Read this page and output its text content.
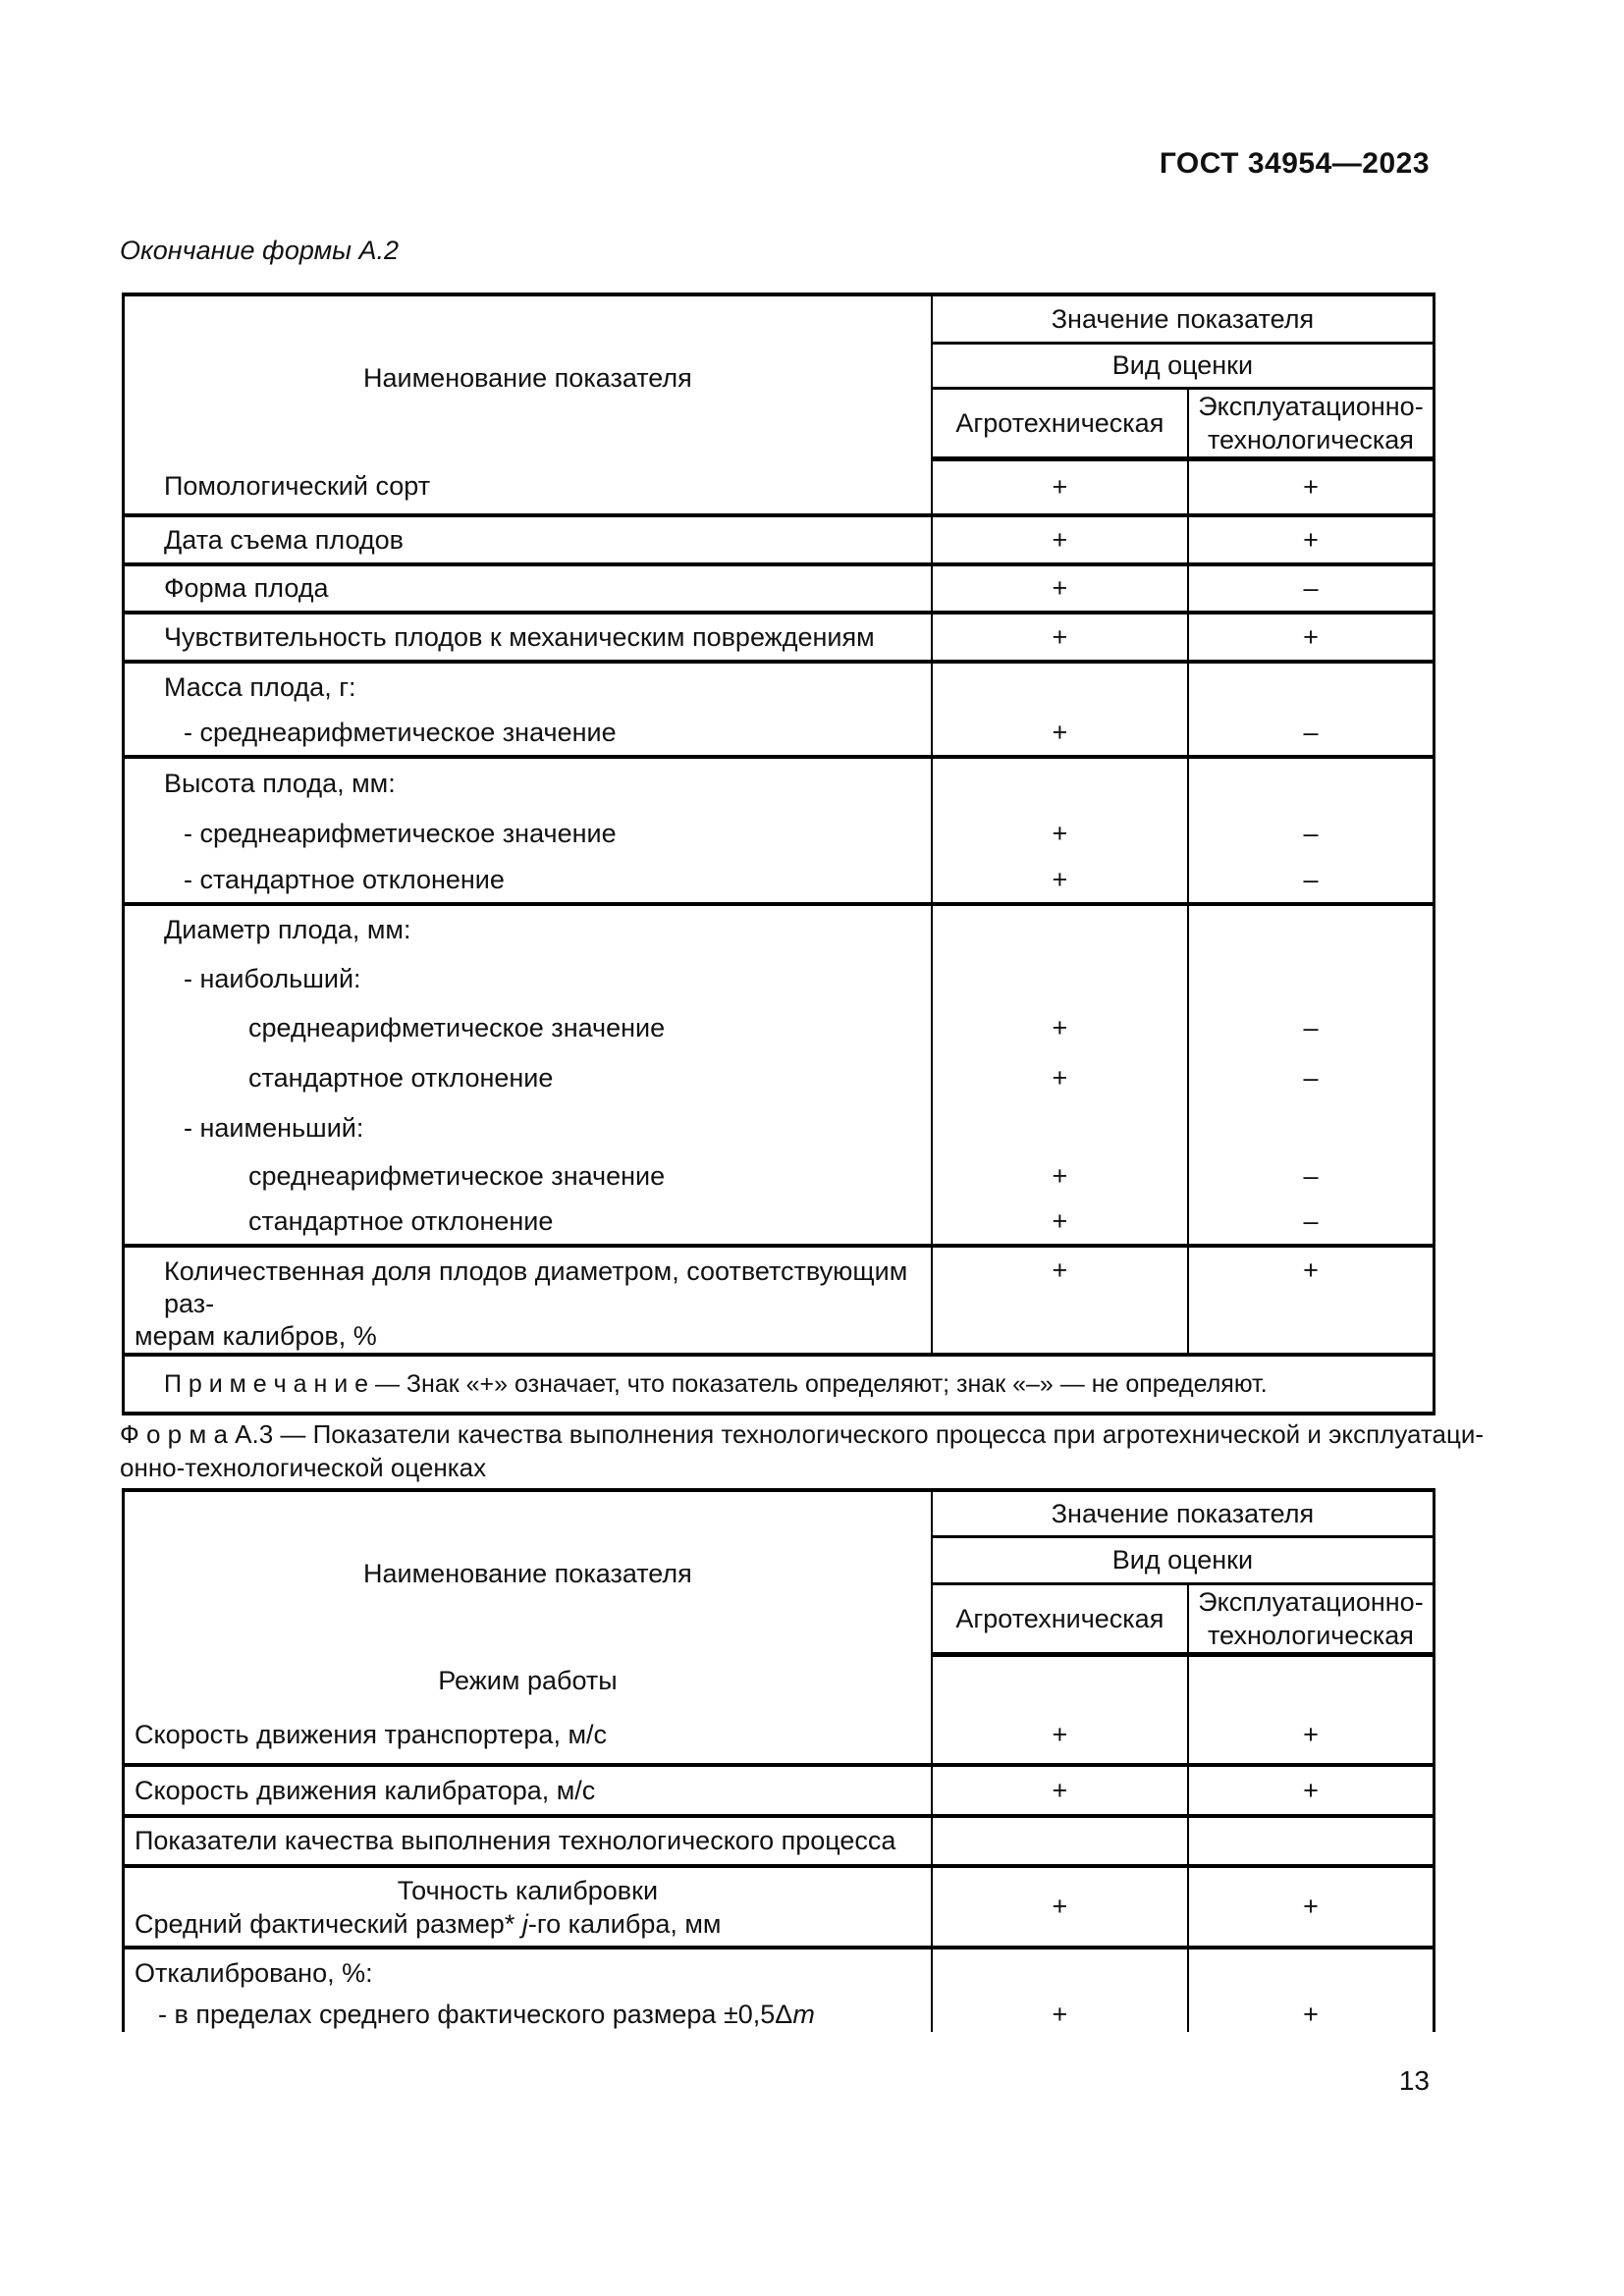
ГОСТ 34954—2023
Окончание формы А.2
Наименование показателя	Значение показателя	
	Вид оценки	
	Агротехническая	Эксплуатационно-технологическая
Помологический сорт	+	+
Дата съема плодов	+	+
Форма плода	+	–
Чувствительность плодов к механическим повреждениям	+	+
Масса плода, г:		
- среднеарифметическое значение	+	–
Высота плода, мм:		
- среднеарифметическое значение	+	–
- стандартное отклонение	+	–
Диаметр плода, мм:		
- наибольший:		
среднеарифметическое значение	+	–
стандартное отклонение	+	–
- наименьший:		
среднеарифметическое значение	+	–
стандартное отклонение	+	–

Количественная доля плодов диаметром, соответствующим раз-
мерам калибров, %	+	+
П р и м е ч а н и е — Знак «+» означает, что показатель определяют; знак «–» — не определяют.		
Ф о р м а А.3 — Показатели качества выполнения технологического процесса при агротехнической и эксплуатаци-
онно-технологической оценках
Наименование показателя	Значение показателя	
	Вид оценки	
	Агротехническая	Эксплуатационно-технологическая
Режим работы		
Скорость движения транспортера, м/с	+	+
Скорость движения калибратора, м/с	+	+
Показатели качества выполнения технологического процесса		

Точность калибровки
Средний фактический размер* j-го калибра, мм	+	+
Откалибровано, %:		
- в пределах среднего фактического размера ±0,5Δm	+	+
13
